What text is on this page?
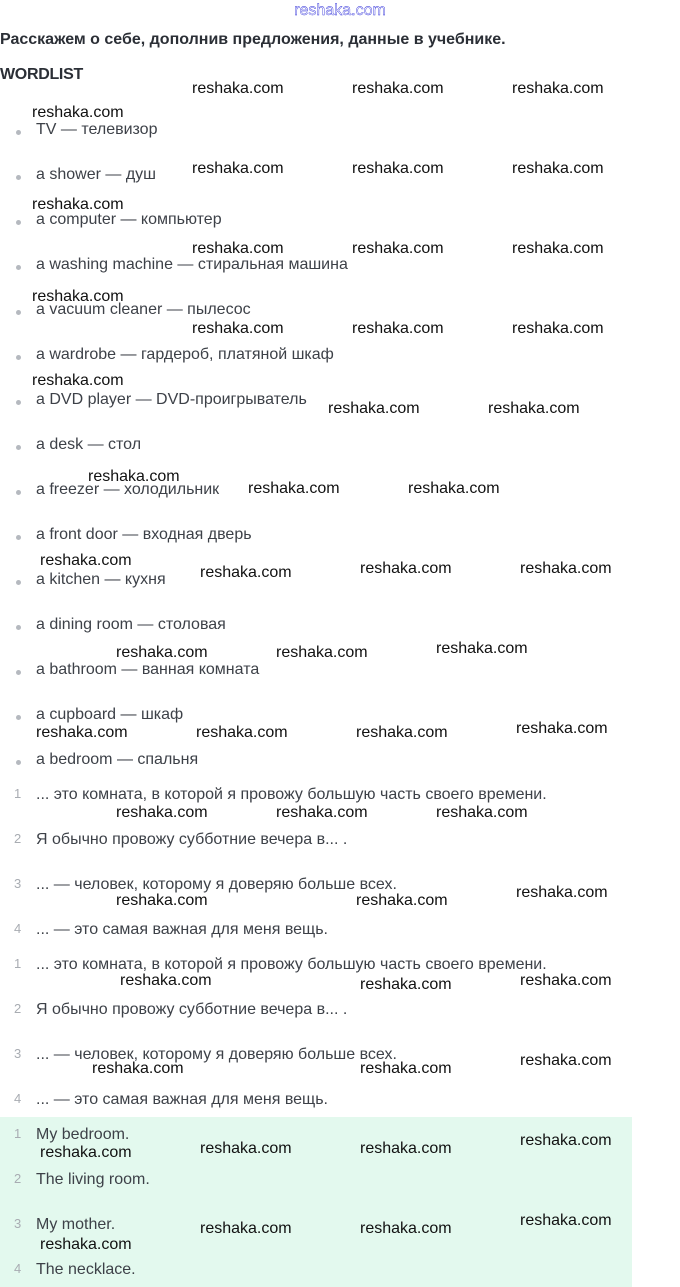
reshaka.com

Расскажем о себе, дополнив предложения, данные в учебнике.

WORDLIST

TV — телевизор
a shower — душ
a computer — компьютер
a washing machine — стиральная машина
a vacuum cleaner — пылесос
a wardrobe — гардероб, платяной шкаф
a DVD player — DVD-проигрыватель
a desk — стол
a freezer — холодильник
a front door — входная дверь
a kitchen — кухня
a dining room — столовая
a bathroom — ванная комната
a cupboard — шкаф
a bedroom — спальня
1 ... это комната, в которой я провожу большую часть своего времени.
2 Я обычно провожу субботние вечера в... .
3 ... — человек, которому я доверяю больше всех.
4 ... — это самая важная для меня вещь.
1 ... это комната, в которой я провожу большую часть своего времени.
2 Я обычно провожу субботние вечера в... .
3 ... — человек, которому я доверяю больше всех.
4 ... — это самая важная для меня вещь.
1 My bedroom.
2 The living room.
3 My mother.
4 The necklace.
reshaka.com	reshaka.com	reshaka.com
reshaka.com
reshaka.com	reshaka.com	reshaka.com
reshaka.com
reshaka.com	reshaka.com	reshaka.com
reshaka.com
reshaka.com	reshaka.com	reshaka.com
reshaka.com
reshaka.com	reshaka.com
reshaka.com
reshaka.com	reshaka.com
reshaka.com
reshaka.com	reshaka.com	reshaka.com
reshaka.com	reshaka.com	reshaka.com
reshaka.com	reshaka.com	reshaka.com	reshaka.com
reshaka.com	reshaka.com	reshaka.com
reshaka.com
reshaka.com	reshaka.com
reshaka.com	reshaka.com	reshaka.com
reshaka.com
reshaka.com	reshaka.com
reshaka.com
reshaka.com	reshaka.com
reshaka.com
reshaka.com
reshaka.com	reshaka.com
reshaka.com
